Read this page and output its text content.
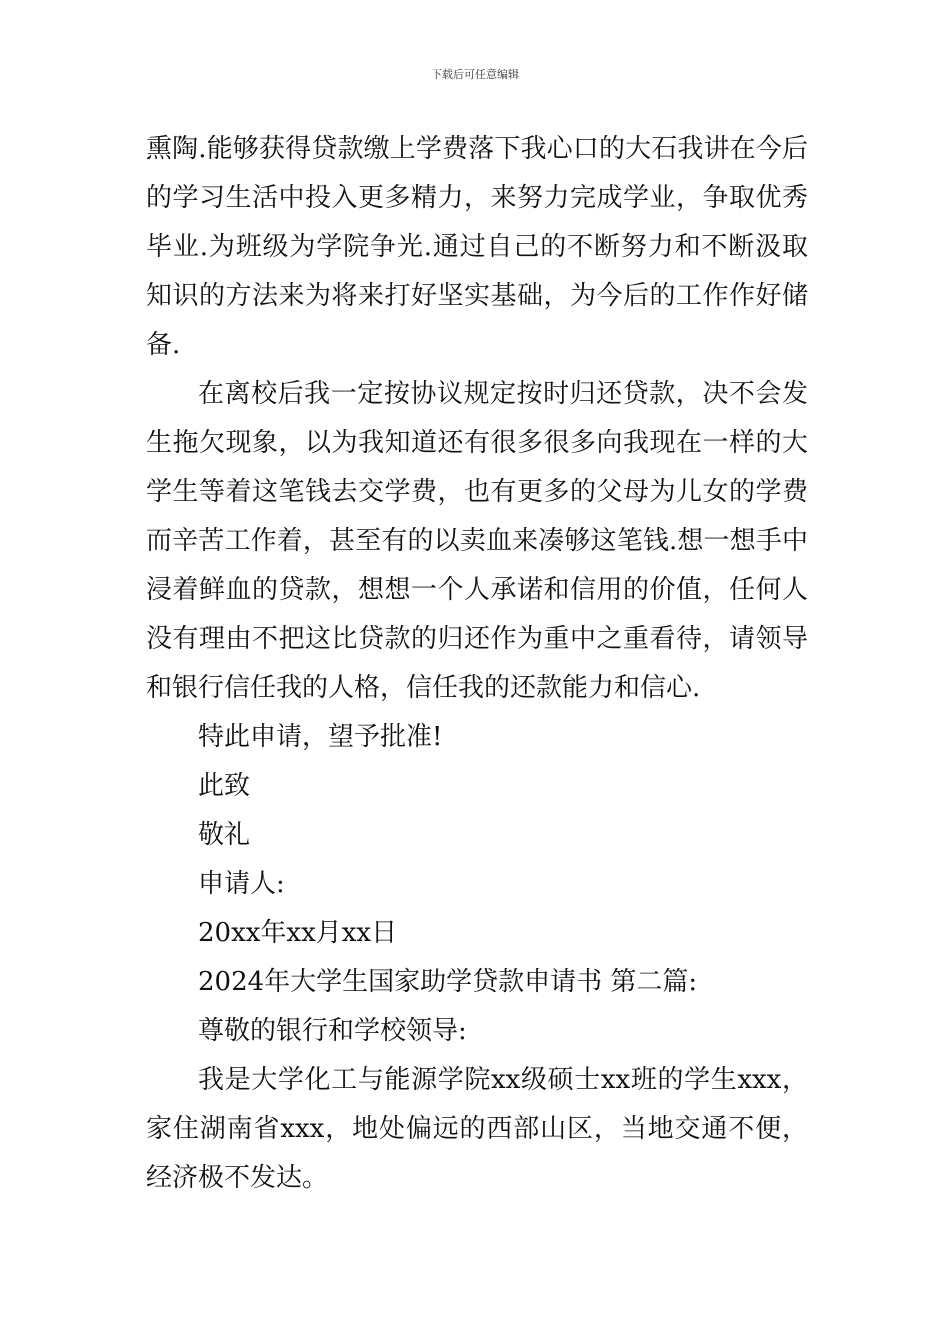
下载后可任意编辑

熏陶.能够获得贷款缴上学费落下我心口的大石我讲在今后的学习生活中投入更多精力，来努力完成学业，争取优秀毕业.为班级为学院争光.通过自己的不断努力和不断汲取知识的方法来为将来打好坚实基础，为今后的工作作好储备.

在离校后我一定按协议规定按时归还贷款，决不会发生拖欠现象，以为我知道还有很多很多向我现在一样的大学生等着这笔钱去交学费，也有更多的父母为儿女的学费而辛苦工作着，甚至有的以卖血来凑够这笔钱.想一想手中浸着鲜血的贷款，想想一个人承诺和信用的价值，任何人没有理由不把这比贷款的归还作为重中之重看待，请领导和银行信任我的人格，信任我的还款能力和信心.

特此申请，望予批准!

此致

敬礼

申请人:

20xx年xx月xx日

2024年大学生国家助学贷款申请书 第二篇:

尊敬的银行和学校领导:

我是大学化工与能源学院xx级硕士xx班的学生xxx，家住湖南省xxx，地处偏远的西部山区，当地交通不便，经济极不发达。
